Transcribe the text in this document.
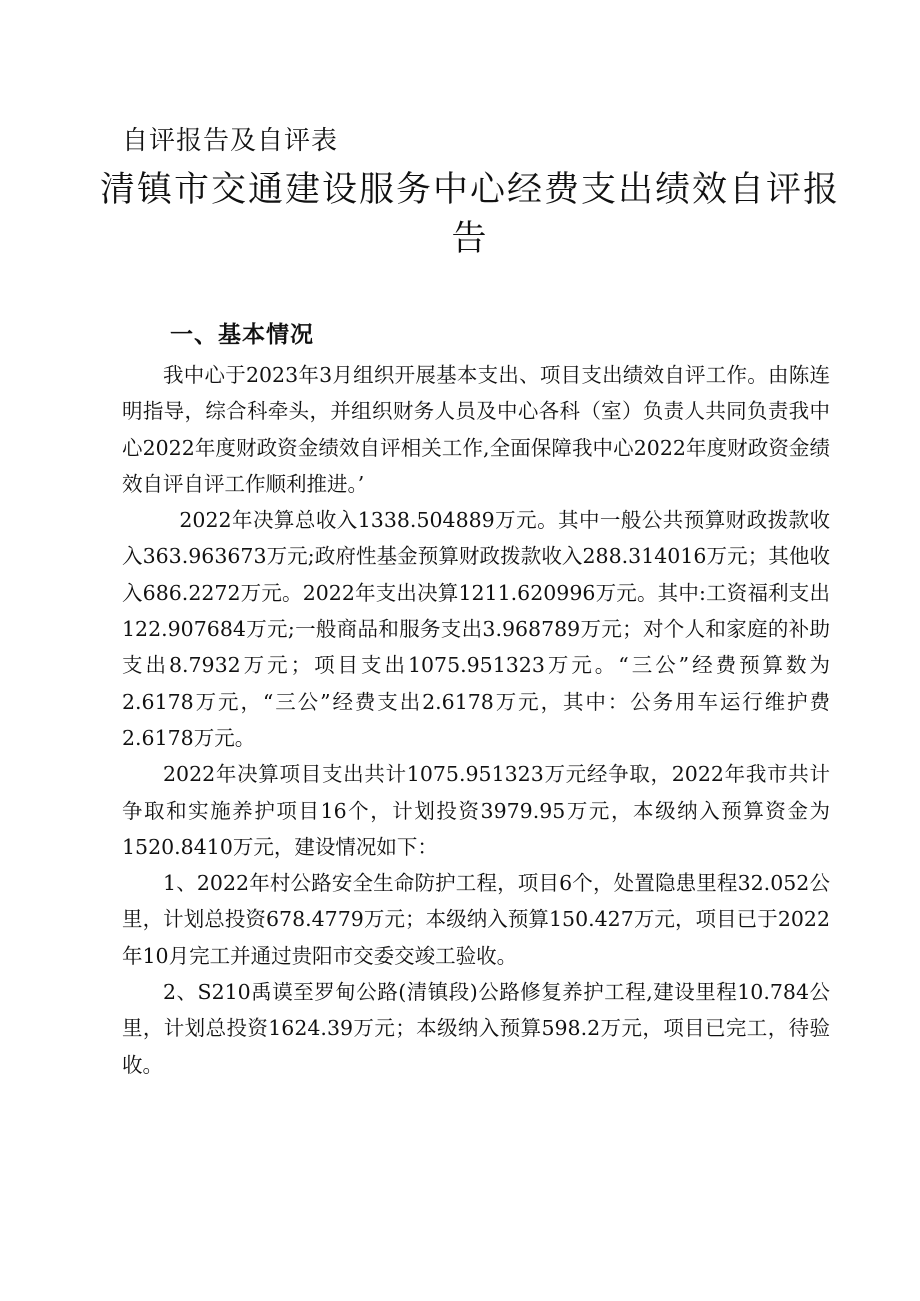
自评报告及自评表
清镇市交通建设服务中心经费支出绩效自评报告
一、基本情况

我中心于2023年3月组织开展基本支出、项目支出绩效自评工作。由陈连明指导，综合科牵头，并组织财务人员及中心各科（室）负责人共同负责我中心2022年度财政资金绩效自评相关工作,全面保障我中心2022年度财政资金绩效自评自评工作顺利推进。’

2022年决算总收入1338.504889万元。其中一般公共预算财政拨款收入363.963673万元;政府性基金预算财政拨款收入288.314016万元；其他收入686.2272万元。2022年支出决算1211.620996万元。其中:工资福利支出122.907684万元;一般商品和服务支出3.968789万元；对个人和家庭的补助支出8.7932万元；项目支出1075.951323万元。“三公”经费预算数为2.6178万元，“三公”经费支出2.6178万元，其中：公务用车运行维护费2.6178万元。

2022年决算项目支出共计1075.951323万元经争取，2022年我市共计争取和实施养护项目16个，计划投资3979.95万元，本级纳入预算资金为1520.8410万元，建设情况如下：

1、2022年村公路安全生命防护工程，项目6个，处置隐患里程32.052公里，计划总投资678.4779万元；本级纳入预算150.427万元，项目已于2022年10月完工并通过贵阳市交委交竣工验收。

2、S210禹谟至罗甸公路(清镇段)公路修复养护工程,建设里程10.784公里，计划总投资1624.39万元；本级纳入预算598.2万元，项目已完工，待验收。
